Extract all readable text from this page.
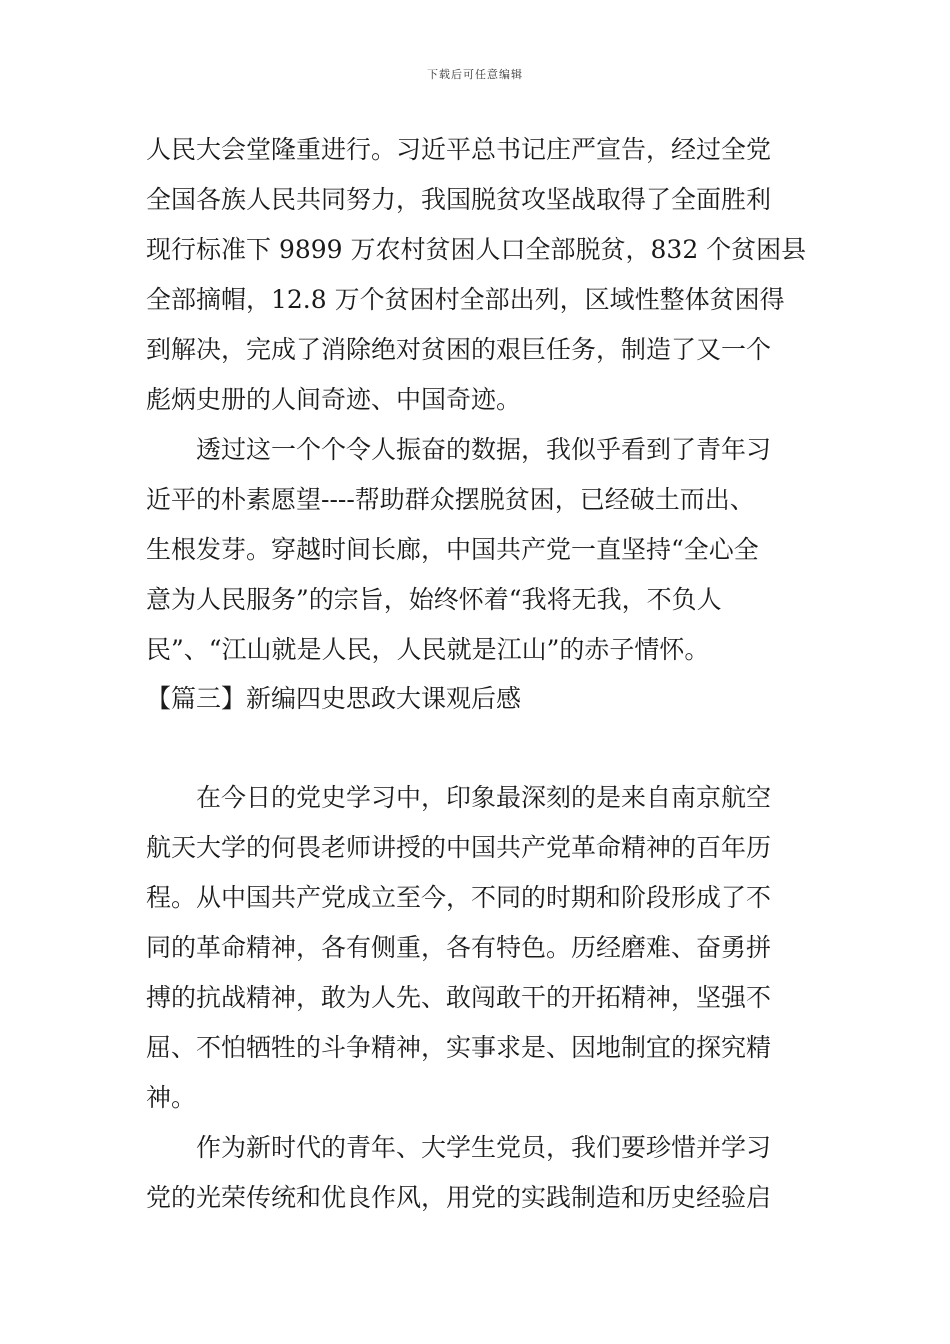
下载后可任意编辑
人民大会堂隆重进行。习近平总书记庄严宣告，经过全党
全国各族人民共同努力，我国脱贫攻坚战取得了全面胜利
现行标准下 9899 万农村贫困人口全部脱贫，832 个贫困县
全部摘帽，12.8 万个贫困村全部出列，区域性整体贫困得
到解决，完成了消除绝对贫困的艰巨任务，制造了又一个
彪炳史册的人间奇迹、中国奇迹。
透过这一个个令人振奋的数据，我似乎看到了青年习
近平的朴素愿望----帮助群众摆脱贫困，已经破土而出、
生根发芽。穿越时间长廊，中国共产党一直坚持“全心全
意为人民服务”的宗旨，始终怀着“我将无我，不负人
民”、“江山就是人民，人民就是江山”的赤子情怀。
【篇三】新编四史思政大课观后感
在今日的党史学习中，印象最深刻的是来自南京航空
航天大学的何畏老师讲授的中国共产党革命精神的百年历
程。从中国共产党成立至今，不同的时期和阶段形成了不
同的革命精神，各有侧重，各有特色。历经磨难、奋勇拼
搏的抗战精神，敢为人先、敢闯敢干的开拓精神，坚强不
屈、不怕牺牲的斗争精神，实事求是、因地制宜的探究精
神。
作为新时代的青年、大学生党员，我们要珍惜并学习
党的光荣传统和优良作风，用党的实践制造和历史经验启
